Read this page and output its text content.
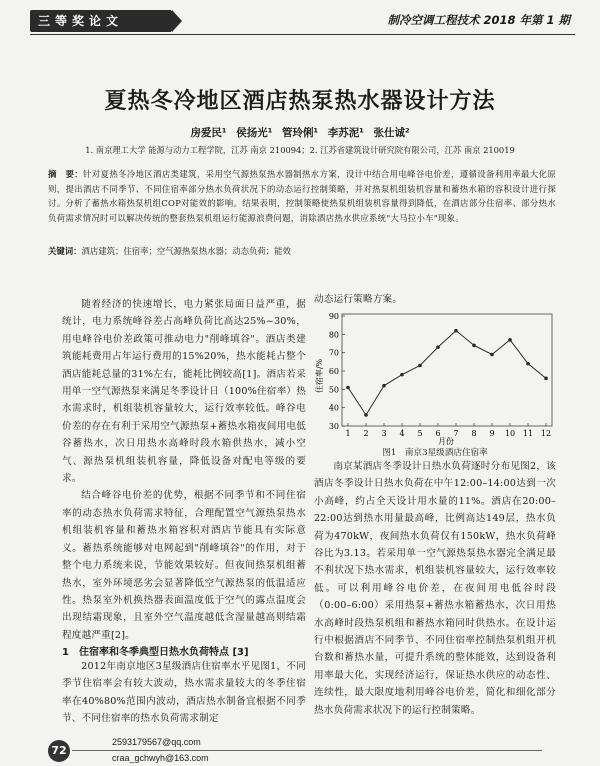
三等奖论文	制冷空调工程技术 2018 年第 1 期
夏热冬冷地区酒店热泵热水器设计方法
房爱民¹ 侯扬光¹ 管玲俐¹ 李苏泥¹ 张仕诚²
1. 南京理工大学 能源与动力工程学院，江苏 南京 210094；2. 江苏省建筑设计研究院有限公司，江苏 南京 210019
摘　要：针对夏热冬冷地区酒店类建筑，采用空气源热泵热水器制热水方案，设计中结合用电峰谷电价差，遵循设备利用率最大化原则，提出酒店不同季节、不同住宿率部分热水负荷状况下的动态运行控制策略，并对热泵机组装机容量和蓄热水箱的容积设计进行探讨。分析了蓄热水箱热泵机组COP对能效的影响。结果表明，控制策略使热泵机组装机容量得到降低，在酒店部分住宿率、部分热水负荷需求情况时可以解决传统的整套热泵机组运行能源浪费问题，消除酒店热水供应系统"大马拉小车"现象。
关键词：酒店建筑；住宿率；空气源热泵热水器；动态负荷；能效

随着经济的快速增长，电力紧张局面日益严重，据统计，电力系统峰谷差占高峰负荷比高达25%~30%，用电峰谷电价差政策可推动电力"削峰填谷"。酒店类建筑能耗费用占年运行费用的15%20%，热水能耗占整个酒店能耗总量的31%左右，能耗比例较高[1]。酒店若采用单一空气源热泵来满足冬季设计日（100%住宿率）热水需求时，机组装机容量较大，运行效率较低。峰谷电价差的存在有利于采用空气源热泵+蓄热水箱夜间用电低谷蓄热水，次日用热水高峰时段水箱供热水，减小空气、源热泵机组装机容量，降低设备对配电等级的要求。

结合峰谷电价差的优势，根据不同季节和不同住宿率的动态热水负荷需求特征，合理配置空气源热泵热水机组装机容量和蓄热水箱容积对酒店节能具有实际意义。蓄热系统能够对电网起到"削峰填谷"的作用，对于整个电力系统来说，节能效果较好。但夜间热泵机组蓄热水，室外环境恶劣会显著降低空气源热泵的低温适应性。热泵室外机换热器表面温度低于空气的露点温度会出现结霜现象，且室外空气温度越低含湿量越高则结霜程度越严重[2]。

1　住宿率和冬季典型日热水负荷特点 [3]

2012年南京地区3星级酒店住宿率水平见图1，不同季节住宿率会有较大波动，热水需求量较大的冬季住宿率在40%80%范围内波动，酒店热水制备宜根据不同季节、不同住宿率的热水负荷需求制定

动态运行策略方案。
30
40
50
60
70
80
90
1 2 3 4 5 6 7 8 9 10 11 12
住宿率/%
月份
图1　南京3星级酒店住宿率

南京某酒店冬季设计日热水负荷逐时分布见图2，该酒店冬季设计日热水负荷在中午12:00–14:00达到一次小高峰，约占全天设计用水量的11%。酒店在20:00–22:00达到热水用量最高峰，比例高达149层，热水负荷为470kW，夜间热水负荷仅有150kW，热水负荷峰谷比为3.13。若采用单一空气源热泵热水器完全满足最不利状况下热水需求，机组装机容量较大，运行效率较低。可以利用峰谷电价差，在夜间用电低谷时段（0:00–6:00）采用热泵+蓄热水箱蓄热水，次日用热水高峰时段热泵机组和蓄热水箱同时供热水。在设计运行中根据酒店不同季节、不同住宿率控制热泵机组开机台数和蓄热水量，可提升系统的整体能效，达到设备利用率最大化，实现经济运行，保证热水供应的动态性、连续性，最大限度地利用峰谷电价差，简化和细化部分热水负荷需求状况下的运行控制策略。

72
2593179567@qq.com
craa_gchwyh@163.com
